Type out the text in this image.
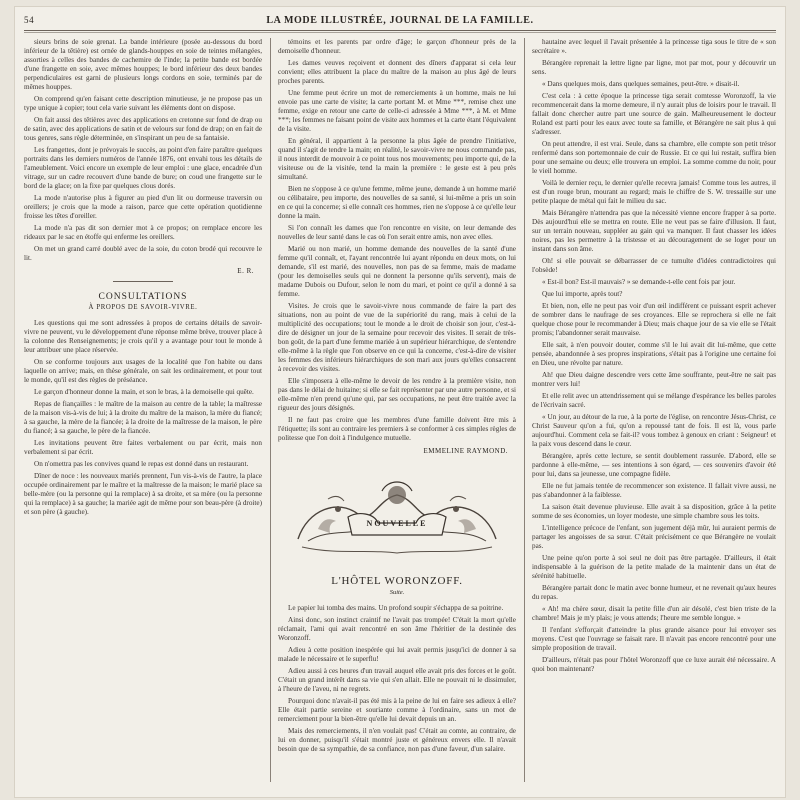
54	LA MODE ILLUSTRÉE, JOURNAL DE LA FAMILLE.

sieurs brins de soie grenat. La bande intérieure (posée au-dessous du bord inférieur de la têtière) est ornée de glands-houppes en soie de teintes mélangées, assorties à celles des bandes de cachemire de l'inde; la petite bande est bordée d'une frangette en soie, avec mêmes houppes; le bord inférieur des deux bandes perpendiculaires est garni de plusieurs longs cordons en soie, terminés par de mêmes houppes.

On comprend qu'en faisant cette description minutieuse, je ne propose pas un type unique à copier; tout cela varie suivant les éléments dont on dispose.

On fait aussi des têtières avec des applications en cretonne sur fond de drap ou de satin, avec des applications de satin et de velours sur fond de drap; on en fait de tous genres, sans règle déterminée, en s'inspirant un peu de sa fantaisie.

Les frangettes, dont je prévoyais le succès, au point d'en faire paraître quelques portraits dans les derniers numéros de l'année 1876, ont envahi tous les détails de l'ameublement. Voici encore un exemple de leur emploi : une glace, encadrée d'un vitrage, sur un cadre recouvert d'une bande de bure; on coud une frangette sur le bord de la glace; on la fixe par quelques clous dorés.

La mode n'autorise plus à figurer au pied d'un lit ou dormeuse traversin ou oreillers; je crois que la mode a raison, parce que cette opération quotidienne froisse les têtes d'oreiller.

La mode n'a pas dit son dernier mot à ce propos; on remplace encore les rideaux par le sac en étoffe qui enferme les oreillers.

On met un grand carré doublé avec de la soie, du coton brodé qui recouvre le lit.

E. R.
CONSULTATIONS
À PROPOS DE SAVOIR-VIVRE.

Les questions qui me sont adressées à propos de certains détails de savoir-vivre ne peuvent, vu le développement d'une réponse même brève, trouver place à la colonne des Renseignements; je crois qu'il y a avantage pour tout le monde à leur attribuer une place réservée.

On se conforme toujours aux usages de la localité que l'on habite ou dans laquelle on arrive; mais, en thèse générale, on sait les ordinairement, et pour tout le monde, qu'il est des règles de préséance.

Le garçon d'honneur donne la main, et son le bras, à la demoiselle qui quête.

Repas de fiançailles : le maître de la maison au centre de la table; la maîtresse de la maison vis-à-vis de lui; à la droite du maître de la maison, la mère du fiancé; à sa gauche, la mère de la fiancée; à la droite de la maîtresse de la maison, le père du fiancé; à sa gauche, le père de la fiancée.

Les invitations peuvent être faites verbalement ou par écrit, mais non verbalement si par écrit.

On n'omettra pas les convives quand le repas est donné dans un restaurant.

Dîner de noce : les nouveaux mariés prennent, l'un vis-à-vis de l'autre, la place occupée ordinairement par le maître et la maîtresse de la maison; le marié place sa belle-mère (ou la personne qui la remplace) à sa droite, et sa mère (ou la personne qui la remplace) à sa gauche; la mariée agit de même pour son beau-père (à droite) et son père (à gauche).

témoins et les parents par ordre d'âge; le garçon d'honneur près de la demoiselle d'honneur.

Les dames veuves reçoivent et donnent des dîners d'apparat si cela leur convient; elles attribuent la place du maître de la maison au plus âgé de leurs proches parents.

Une femme peut écrire un mot de remerciements à un homme, mais ne lui envoie pas une carte de visite; la carte portant M. et Mme ***, remise chez une femme, exige en retour une carte de celle-ci adressée à Mme ***, à M. et Mme ***; les femmes ne faisant point de visite aux hommes et la carte étant l'équivalent de la visite.

En général, il appartient à la personne la plus âgée de prendre l'initiative, quand il s'agit de tendre la main; en réalité, le savoir-vivre ne nous commande pas, il nous interdit de mouvoir à ce point tous nos mouvements; peu importe qui, de la visiteuse ou de la visitée, tend la main la première : le geste est à peu près simultané.

Bien ne s'oppose à ce qu'une femme, même jeune, demande à un homme marié ou célibataire, peu importe, des nouvelles de sa santé, si lui-même a pris un soin en ce qui la concerne; si elle connaît ces hommes, rien ne s'oppose à ce qu'elle leur donne la main.

Si l'on connaît les dames que l'on rencontre en visite, on leur demande des nouvelles de leur santé dans le cas où l'on serait entre amis, non avec elles.

Marié ou non marié, un homme demande des nouvelles de la santé d'une femme qu'il connaît, et, l'ayant rencontrée lui ayant répondu en deux mots, on lui demande, s'il est marié, des nouvelles, non pas de sa femme, mais de madame (pour les demoiselles seuls qui ne donnent la personne qu'ils servent), mais de madame Dubois ou Dufour, selon le nom du mari, et point ce qu'il a donné à sa femme.

Visites. Je crois que le savoir-vivre nous commande de faire la part des situations, non au point de vue de la supériorité du rang, mais à celui de la multiplicité des occupations; tout le monde a le droit de choisir son jour, c'est-à-dire de désigner un jour de la semaine pour recevoir des visites. Il serait de très-bon goût, de la part d'une femme mariée à un supérieur hiérarchique, de s'entendre elle-même à la règle que l'on observe en ce qui la concerne, c'est-à-dire de visiter les femmes des inférieurs hiérarchiques de son mari aux jours qu'elles consacrent à recevoir des visites.

Elle s'imposera à elle-même le devoir de les rendre à la première visite, non pas dans le délai de huitaine; si elle se fait représenter par une autre personne, et si elle-même n'en prend qu'une qui, par ses occupations, ne peut être traitée avec la rigueur des jours désignés.

Il ne faut pas croire que les membres d'une famille doivent être mis à l'étiquette; ils sont au contraire les premiers à se conformer à ces simples règles de politesse que l'on doit à l'indulgence mutuelle.

EMMELINE RAYMOND.
NOUVELLE
L'HÔTEL WORONZOFF.
Suite.

Le papier lui tomba des mains. Un profond soupir s'échappa de sa poitrine.

Ainsi donc, son instinct craintif ne l'avait pas trompée! C'était la mort qu'elle réclamait, l'ami qui avait rencontré en son âme l'héritier de la destinée des Woronzoff.

Adieu à cette position inespérée qui lui avait permis jusqu'ici de donner à sa malade le nécessaire et le superflu!

Adieu aussi à ces heures d'un travail auquel elle avait pris des forces et le goût. C'était un grand intérêt dans sa vie qui s'en allait. Elle ne pouvait ni le dissimuler, à l'heure de l'aveu, ni ne regrets.

Pourquoi donc n'avait-il pas été mis à la peine de lui en faire ses adieux à elle? Elle était partie sereine et souriante comme à l'ordinaire, sans un mot de remerciement pour la bien-être qu'elle lui devait depuis un an.

Mais des remerciements, il n'en voulait pas! C'était au comte, au contraire, de lui en donner, puisqu'il s'était montré juste et généreux envers elle. Il n'avait besoin que de sa sympathie, de sa confiance, non pas d'une faveur, d'un salaire.

hautaine avec lequel il l'avait présentée à la princesse tiga sous le titre de « son secrétaire ».

Bérangère reprenait la lettre ligne par ligne, mot par mot, pour y découvrir un sens.

« Dans quelques mois, dans quelques semaines, peut-être. » disait-il.

C'est cela : à cette époque la princesse tiga serait comtesse Woronzoff, la vie recommencerait dans la morne demeure, il n'y aurait plus de loisirs pour le travail. Il fallait donc chercher autre part une source de gain. Malheureusement le docteur Roland est parti pour les eaux avec toute sa famille, et Bérangère ne sait plus à qui s'adresser.

On peut attendre, il est vrai. Seule, dans sa chambre, elle compte son petit trésor renfermé dans son portemonnaie de cuir de Russie. Et ce qui lui restait, suffira bien pour une semaine ou deux; elle trouvera un emploi. La somme comme du noir, pour le vieil homme.

Voilà le dernier reçu, le dernier qu'elle recevra jamais! Comme tous les autres, il est d'un rouge brun, mourant au regard; mais le chiffre de S. W. tressaille sur une petite plaque de métal qui fait le milieu du sac.

Mais Bérangère n'attendra pas que la nécessité vienne encore frapper à sa porte. Dès aujourd'hui elle se mettra en route. Elle ne veut pas se faire d'illusion. Il faut, sur un terrain nouveau, suppléer au gain qui va manquer. Il faut chasser les idées noires, pas les permettre à la tristesse et au découragement de se loger pour un instant dans son âme.

Oh! si elle pouvait se débarrasser de ce tumulte d'idées contradictoires qui l'obsède!

« Est-il bon? Est-il mauvais? » se demande-t-elle cent fois par jour.

Que lui importe, après tout?

Et bien, non, elle ne peut pas voir d'un œil indifférent ce puissant esprit achever de sombrer dans le naufrage de ses croyances. Elle se reprochera si elle ne fait quelque chose pour le recommander à Dieu; mais chaque jour de sa vie elle se l'était promis; l'abandonner serait mauvaise.

Elle sait, à n'en pouvoir douter, comme s'il le lui avait dit lui-même, que cette pensée, abandonnée à ses propres inspirations, s'était pas à l'origine une certaine foi en Dieu, une révolte par nature.

Ah! que Dieu daigne descendre vers cette âme souffrante, peut-être ne sait pas montrer vers lui!

Et elle relit avec un attendrissement qui se mélange d'espérance les belles paroles de l'écrivain sacré.

« Un jour, au détour de la rue, à la porte de l'église, on rencontre Jésus-Christ, ce Christ Sauveur qu'on a fui, qu'on a repoussé tant de fois. Il est là, vous parle aujourd'hui. Comment cela se fait-il? vous tombez à genoux en criant : Seigneur! et la paix vous descend dans le cœur.

Bérangère, après cette lecture, se sentit doublement rassurée. D'abord, elle se pardonne à elle-même, — ses intentions à son égard, — ces souvenirs d'avoir été pour lui, dans sa jeunesse, une compagne fidèle.

Elle ne fut jamais tentée de recommencer son existence. Il fallait vivre aussi, ne pas s'abandonner à la faiblesse.

La saison était devenue pluvieuse. Elle avait à sa disposition, grâce à la petite somme de ses économies, un loyer modeste, une simple chambre sous les toits.

L'intelligence précoce de l'enfant, son jugement déjà mûr, lui auraient permis de partager les angoisses de sa sœur. C'était précisément ce que Bérangère ne voulait pas.

Une peine qu'on porte à soi seul ne doit pas être partagée. D'ailleurs, il était indispensable à la guérison de la petite malade de la maintenir dans un état de sérénité habituelle.

Bérangère partait donc le matin avec bonne humeur, et ne revenait qu'aux heures du repas.

« Ah! ma chère sœur, disait la petite fille d'un air désolé, c'est bien triste de la chambre! Mais je m'y plais; je vous attends; l'heure me semble longue. »

Il l'enfant s'efforçait d'atteindre la plus grande aisance pour lui envoyer ses moyens. C'est que l'ouvrage se faisait rare. Il n'avait pas encore rencontré pour une simple proposition de travail.

D'ailleurs, n'était pas pour l'hôtel Woronzoff que ce luxe aurait été nécessaire. A quoi bon maintenant?
